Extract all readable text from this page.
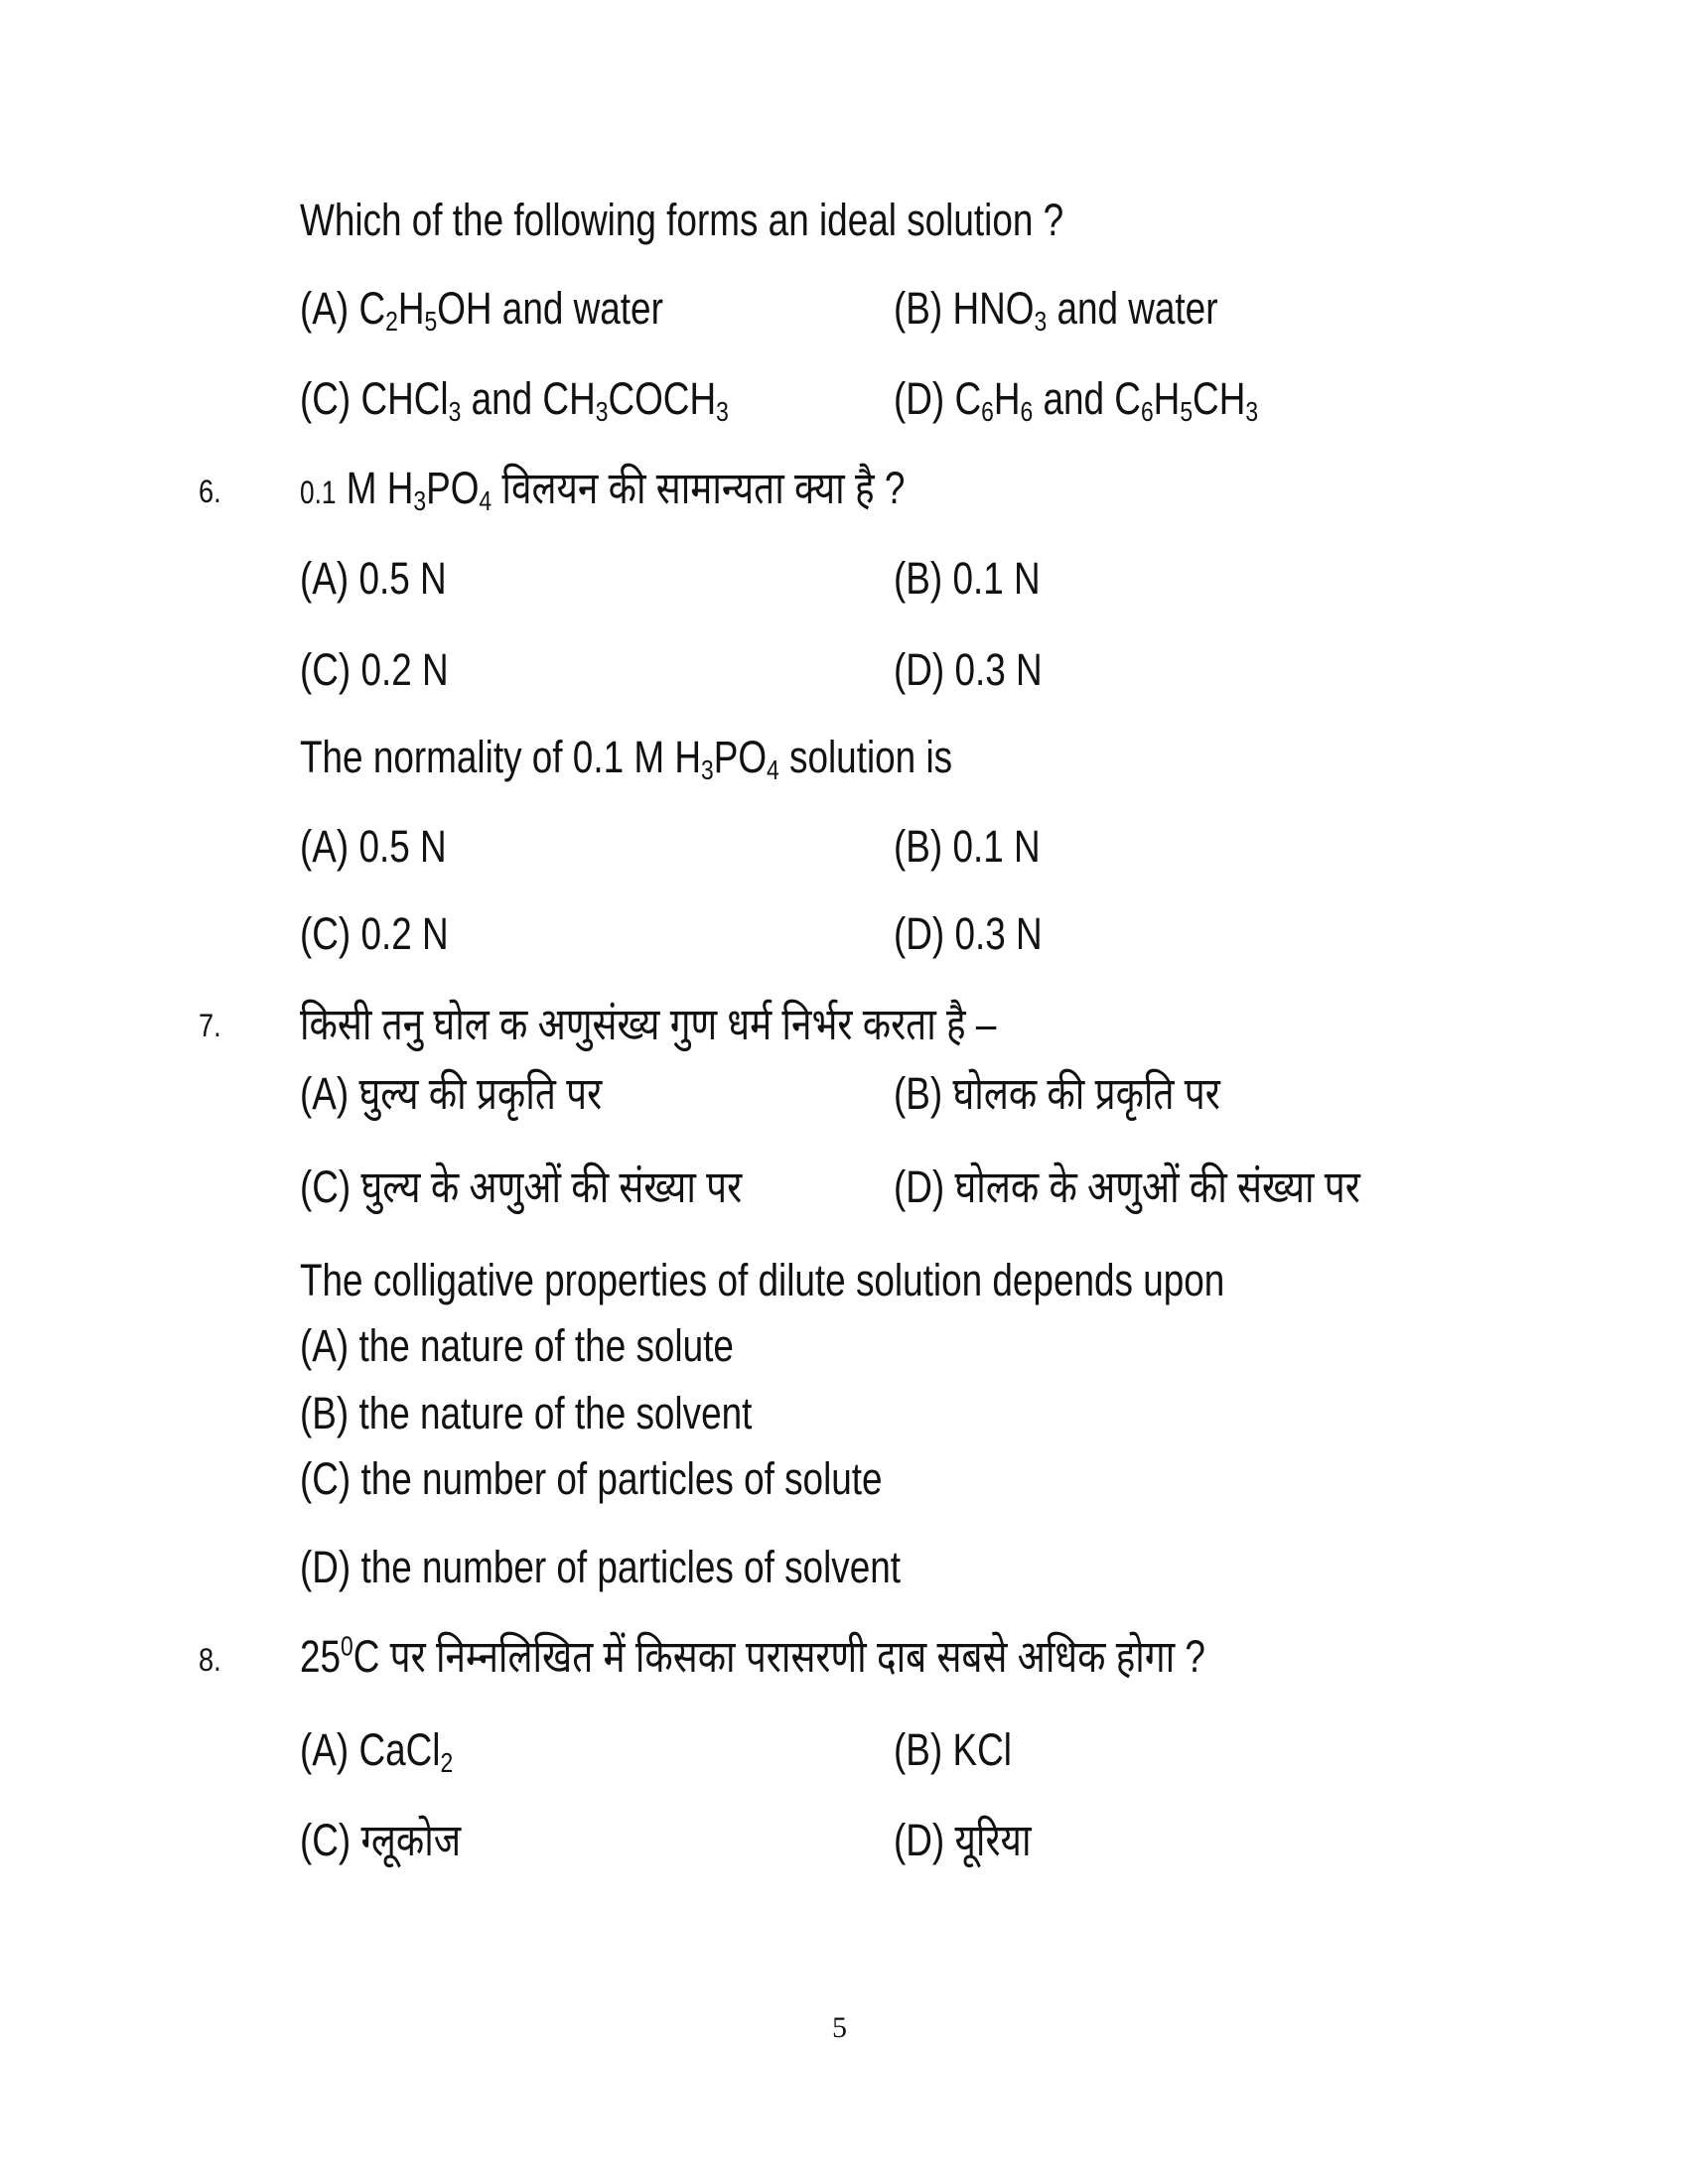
Which of the following forms an ideal solution ?
(A) $C_2H_5OH$ and water	(B) $HNO_3$ and water
(C) CHCl$_3$ and $CH_3COCH_3$	(D) $C_6H_6$ and $C_6H_5CH_3$
6. 0.1 M $H_3PO_4$ विलयन की सामान्यता क्या है ?
(A) 0.5 N	(B) 0.1 N
(C) 0.2 N	(D) 0.3 N
The normality of 0.1 M $H_3PO_4$ solution is
(A) 0.5 N	(B) 0.1 N
(C) 0.2 N	(D) 0.3 N
7. किसी तनु घोल क अणुसंख्य गुण धर्म निर्भर करता है –
(A) घुल्य की प्रकृति पर	(B) घोलक की प्रकृति पर
(C) घुल्य के अणुओं की संख्या पर	(D) घोलक के अणुओं की संख्या पर
The colligative properties of dilute solution depends upon
(A) the nature of the solute
(B) the nature of the solvent
(C) the number of particles of solute
(D) the number of particles of solvent
8. $25^0C$ पर निम्नलिखित में किसका परासरणी दाब सबसे अधिक होगा ?
(A) CaCl$_2$	(B) KCl
(C) ग्लूकोज	(D) यूरिया
5
